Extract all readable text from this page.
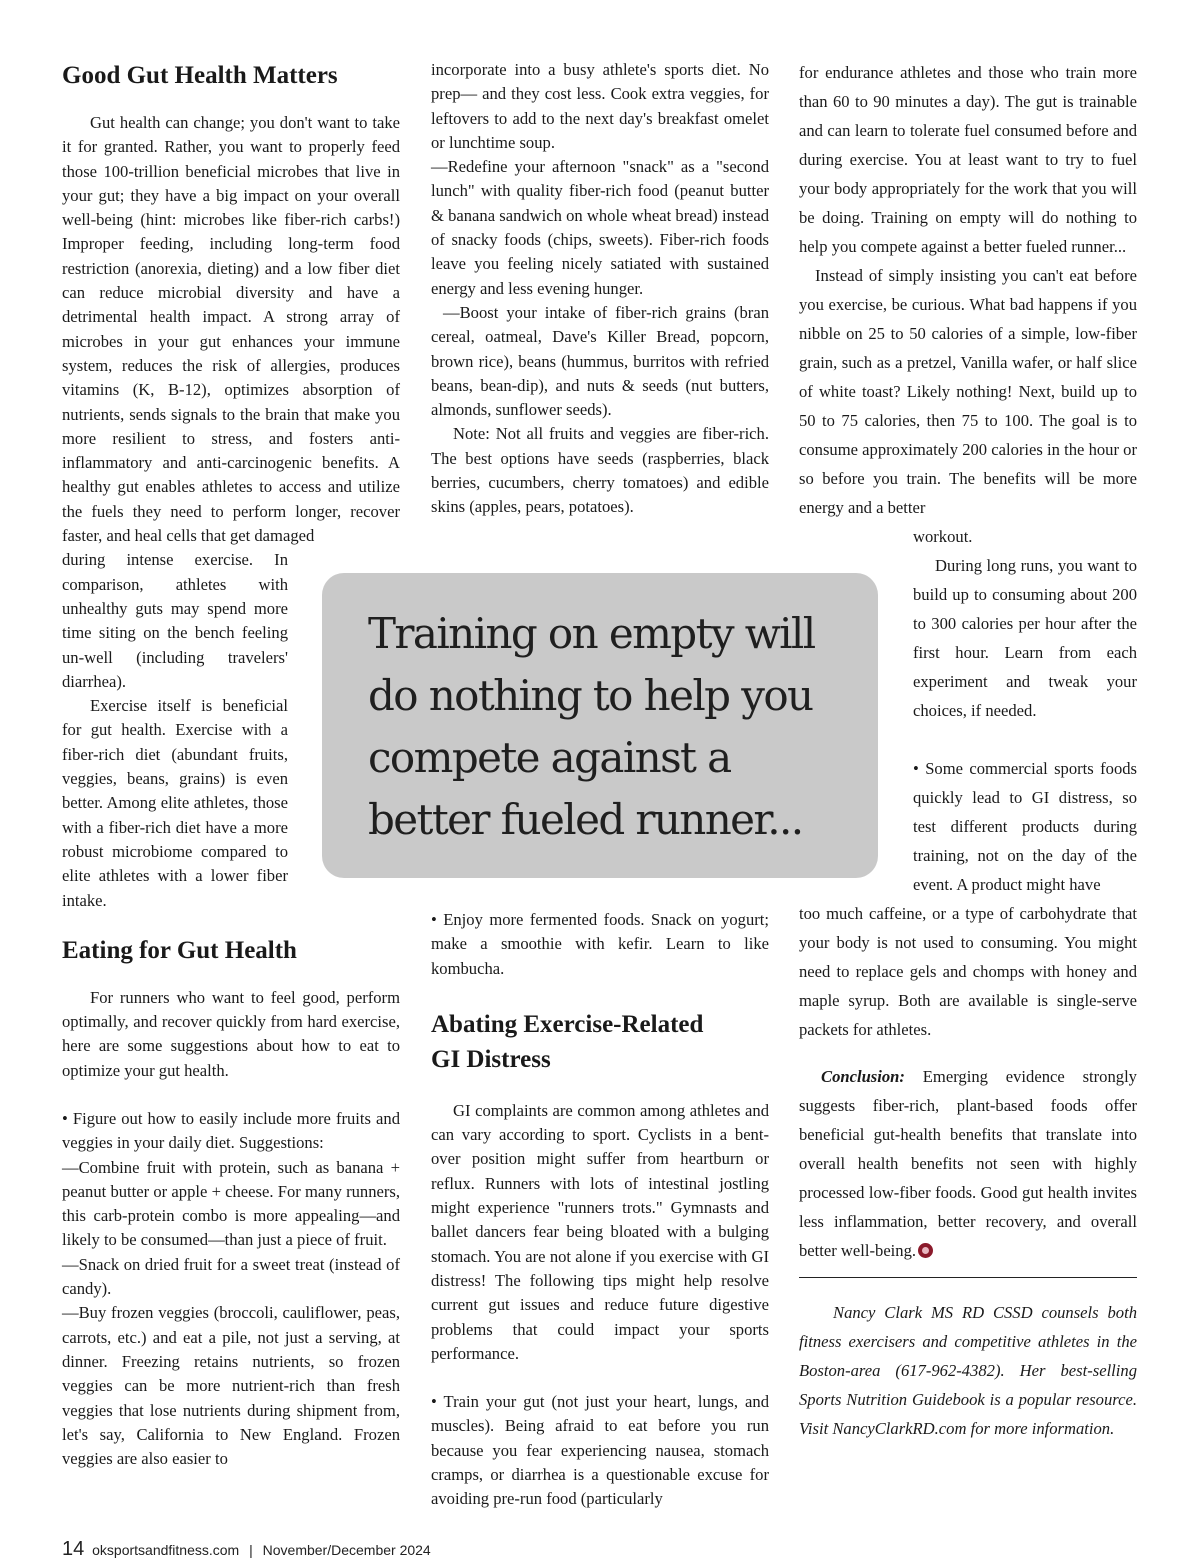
Good Gut Health Matters

Gut health can change; you don't want to take it for granted. Rather, you want to properly feed those 100-trillion beneficial microbes that live in your gut; they have a big impact on your overall well-being (hint: microbes like fiber-rich carbs!) Improper feeding, including long-term food restriction (anorexia, dieting) and a low fiber diet can reduce microbial diversity and have a detrimental health impact. A strong array of microbes in your gut enhances your immune system, reduces the risk of allergies, produces vitamins (K, B-12), optimizes absorption of nutrients, sends signals to the brain that make you more resilient to stress, and fosters anti-inflammatory and anti-carcinogenic benefits. A healthy gut enables athletes to access and utilize the fuels they need to perform longer, recover faster, and heal cells that get damaged

during intense exercise. In comparison, athletes with unhealthy guts may spend more time siting on the bench feeling un-well (including travelers' diarrhea).

Exercise itself is beneficial for gut health. Exercise with a fiber-rich diet (abundant fruits, veggies, beans, grains) is even better. Among elite athletes, those with a fiber-rich diet have a more robust microbiome compared to elite athletes with a lower fiber intake.

Eating for Gut Health

For runners who want to feel good, perform optimally, and recover quickly from hard exercise, here are some suggestions about how to eat to optimize your gut health.

• Figure out how to easily include more fruits and veggies in your daily diet. Suggestions:

—Combine fruit with protein, such as banana + peanut butter or apple + cheese. For many runners, this carb-protein combo is more appealing—and likely to be consumed—than just a piece of fruit.

—Snack on dried fruit for a sweet treat (instead of candy).

—Buy frozen veggies (broccoli, cauliflower, peas, carrots, etc.) and eat a pile, not just a serving, at dinner. Freezing retains nutrients, so frozen veggies can be more nutrient-rich than fresh veggies that lose nutrients during shipment from, let's say, California to New England. Frozen veggies are also easier to

incorporate into a busy athlete's sports diet. No prep— and they cost less. Cook extra veggies, for leftovers to add to the next day's breakfast omelet or lunchtime soup.

—Redefine your afternoon "snack" as a "second lunch" with quality fiber-rich food (peanut butter & banana sandwich on whole wheat bread) instead of snacky foods (chips, sweets). Fiber-rich foods leave you feeling nicely satiated with sustained energy and less evening hunger.

—Boost your intake of fiber-rich grains (bran cereal, oatmeal, Dave's Killer Bread, popcorn, brown rice), beans (hummus, burritos with refried beans, bean-dip), and nuts & seeds (nut butters, almonds, sunflower seeds).

Note: Not all fruits and veggies are fiber-rich. The best options have seeds (raspberries, black berries, cucumbers, cherry tomatoes) and edible skins (apples, pears, potatoes).

• Enjoy more fermented foods. Snack on yogurt; make a smoothie with kefir. Learn to like kombucha.

Abating Exercise-Related GI Distress

GI complaints are common among athletes and can vary according to sport. Cyclists in a bent-over position might suffer from heartburn or reflux. Runners with lots of intestinal jostling might experience "runners trots." Gymnasts and ballet dancers fear being bloated with a bulging stomach. You are not alone if you exercise with GI distress! The following tips might help resolve current gut issues and reduce future digestive problems that could impact your sports performance.

• Train your gut (not just your heart, lungs, and muscles). Being afraid to eat before you run because you fear experiencing nausea, stomach cramps, or diarrhea is a questionable excuse for avoiding pre-run food (particularly

for endurance athletes and those who train more than 60 to 90 minutes a day). The gut is trainable and can learn to tolerate fuel consumed before and during exercise. You at least want to try to fuel your body appropriately for the work that you will be doing. Training on empty will do nothing to help you compete against a better fueled runner...

Instead of simply insisting you can't eat before you exercise, be curious. What bad happens if you nibble on 25 to 50 calories of a simple, low-fiber grain, such as a pretzel, Vanilla wafer, or half slice of white toast? Likely nothing! Next, build up to 50 to 75 calories, then 75 to 100. The goal is to consume approximately 200 calories in the hour or so before you train. The benefits will be more energy and a better

workout.

During long runs, you want to build up to consuming about 200 to 300 calories per hour after the first hour. Learn from each experiment and tweak your choices, if needed.

• Some commercial sports foods quickly lead to GI distress, so test different products during training, not on the day of the event. A product might have

too much caffeine, or a type of carbohydrate that your body is not used to consuming. You might need to replace gels and chomps with honey and maple syrup. Both are available is single-serve packets for athletes.

Conclusion: Emerging evidence strongly suggests fiber-rich, plant-based foods offer beneficial gut-health benefits that translate into overall health benefits not seen with highly processed low-fiber foods. Good gut health invites less inflammation, better recovery, and overall better well-being.

Nancy Clark MS RD CSSD counsels both fitness exercisers and competitive athletes in the Boston-area (617-962-4382). Her best-selling Sports Nutrition Guidebook is a popular resource. Visit NancyClarkRD.com for more information.

Training on empty will do nothing to help you compete against a better fueled runner...
14 oksportsandfitness.com | November/December 2024
